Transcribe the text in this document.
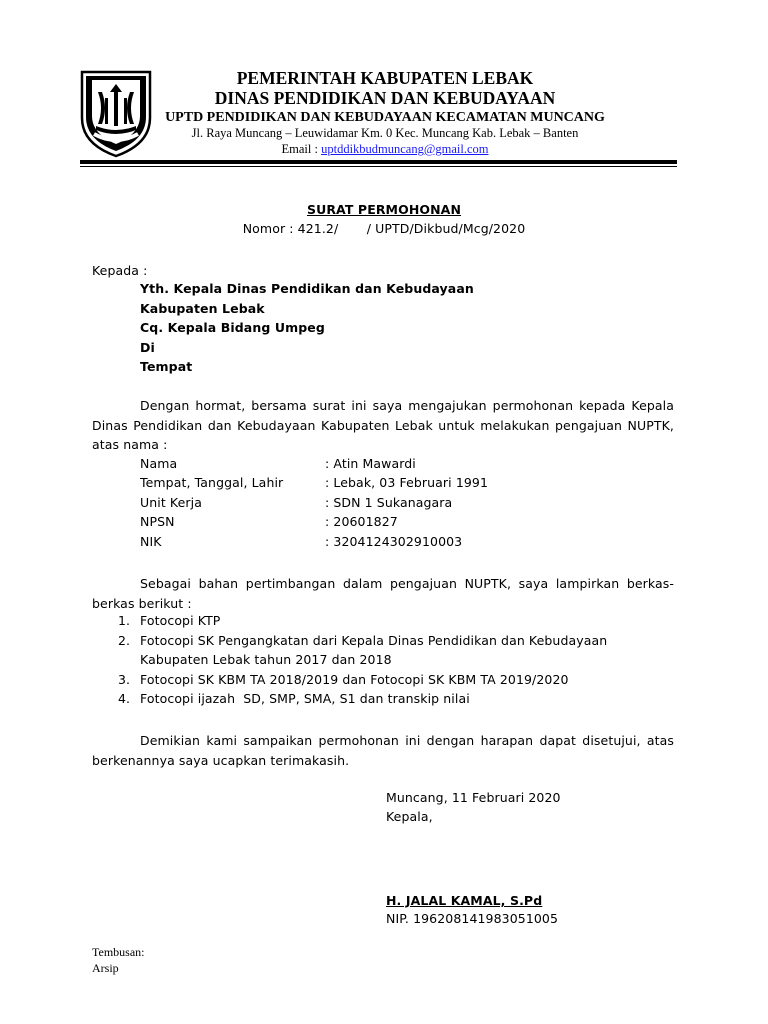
PEMERINTAH KABUPATEN LEBAK
DINAS PENDIDIKAN DAN KEBUDAYAAN
UPTD PENDIDIKAN DAN KEBUDAYAAN KECAMATAN MUNCANG
Jl. Raya Muncang – Leuwidamar Km. 0 Kec. Muncang Kab. Lebak – Banten
Email : uptddikbudmuncang@gmail.com
SURAT PERMOHONAN
Nomor : 421.2/       / UPTD/Dikbud/Mcg/2020
Kepada :
Yth. Kepala Dinas Pendidikan dan Kebudayaan
Kabupaten Lebak
Cq. Kepala Bidang Umpeg
Di
Tempat
Dengan hormat, bersama surat ini saya mengajukan permohonan kepada Kepala Dinas Pendidikan dan Kebudayaan Kabupaten Lebak untuk melakukan pengajuan NUPTK, atas nama :
Nama	: Atin Mawardi
Tempat, Tanggal, Lahir	: Lebak, 03 Februari 1991
Unit Kerja	: SDN 1 Sukanagara
NPSN	: 20601827
NIK	: 3204124302910003
Sebagai bahan pertimbangan dalam pengajuan NUPTK, saya lampirkan berkas-berkas berikut :
1. Fotocopi KTP
2. Fotocopi SK Pengangkatan dari Kepala Dinas Pendidikan dan Kebudayaan
Kabupaten Lebak tahun 2017 dan 2018
3. Fotocopi SK KBM TA 2018/2019 dan Fotocopi SK KBM TA 2019/2020
4. Fotocopi ijazah  SD, SMP, SMA, S1 dan transkip nilai
Demikian kami sampaikan permohonan ini dengan harapan dapat disetujui, atas berkenannya saya ucapkan terimakasih.
Muncang, 11 Februari 2020
Kepala,
H. JALAL KAMAL, S.Pd
NIP. 196208141983051005
Tembusan:
Arsip
